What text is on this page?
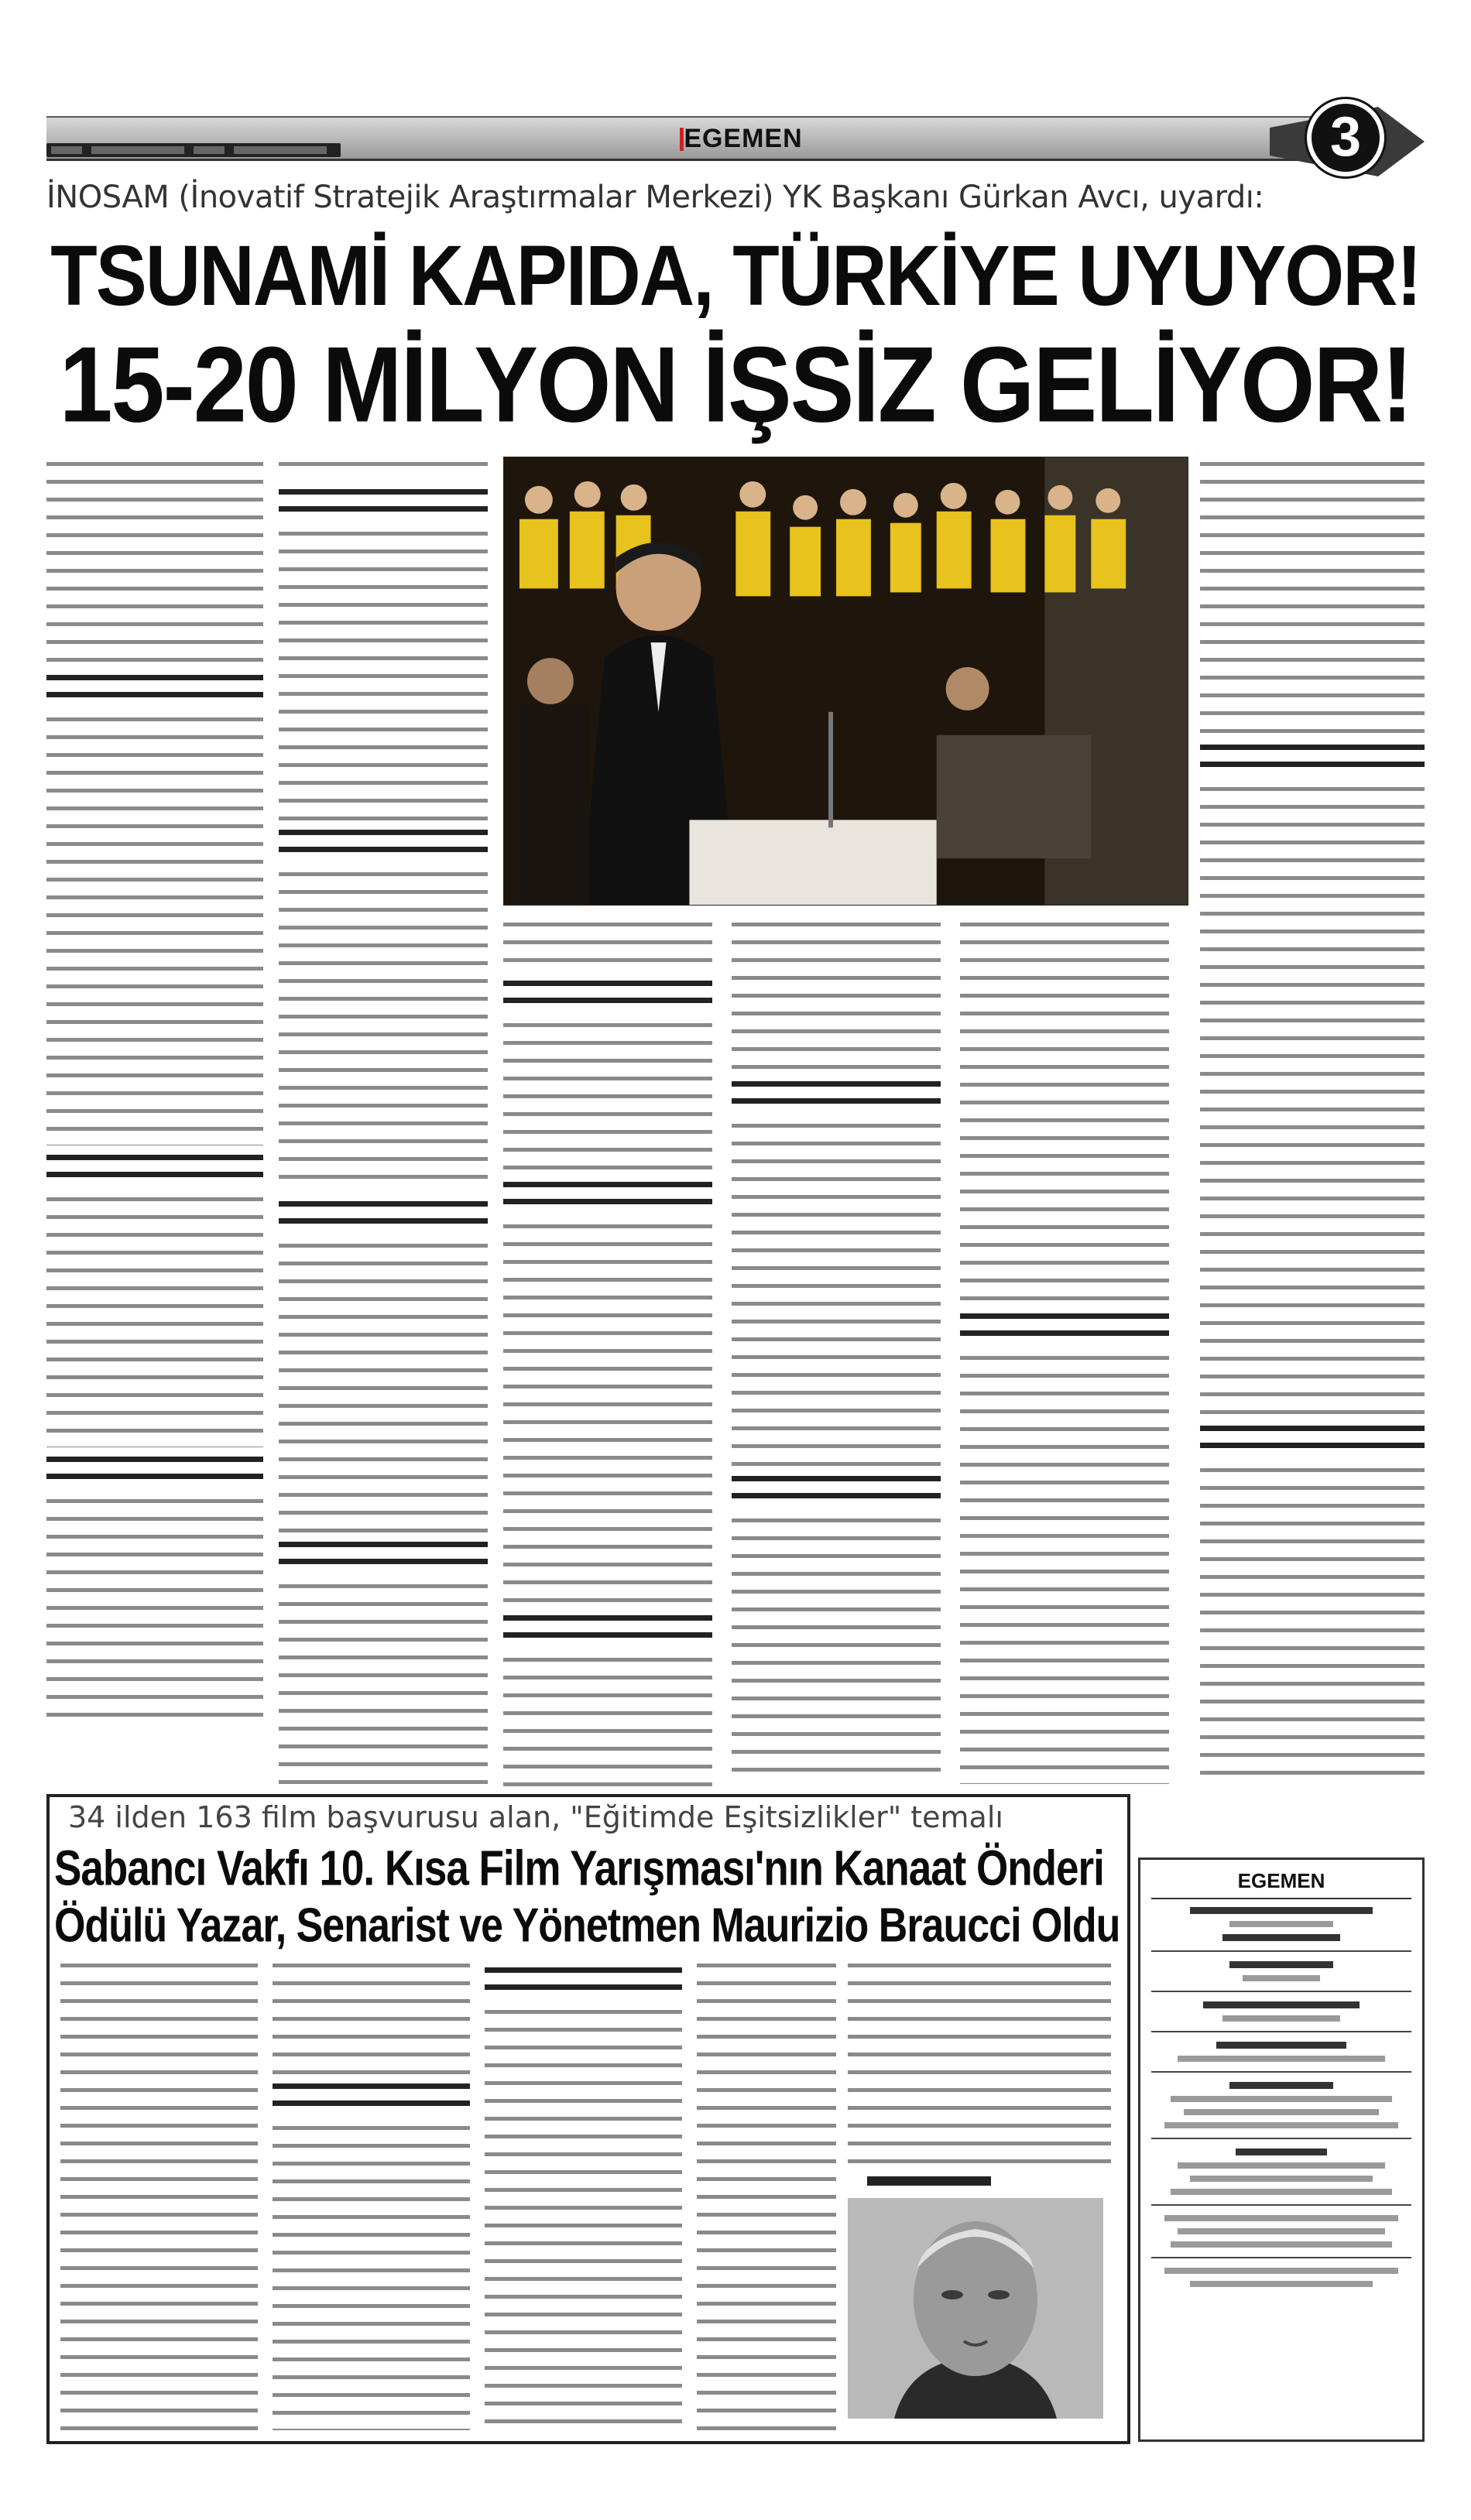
EGEMEN	3
İNOSAM (İnovatif Stratejik Araştırmalar Merkezi) YK Başkanı Gürkan Avcı, uyardı:
TSUNAMİ KAPIDA, TÜRKİYE UYUYOR!
15-20 MİLYON İŞSİZ GELİYOR!
34 ilden 163 film başvurusu alan, "Eğitimde Eşitsizlikler" temalı
Sabancı Vakfı 10. Kısa Film Yarışması'nın Kanaat Önderi
Ödülü Yazar, Senarist ve Yönetmen Maurizio Braucci Oldu
EGEMEN
